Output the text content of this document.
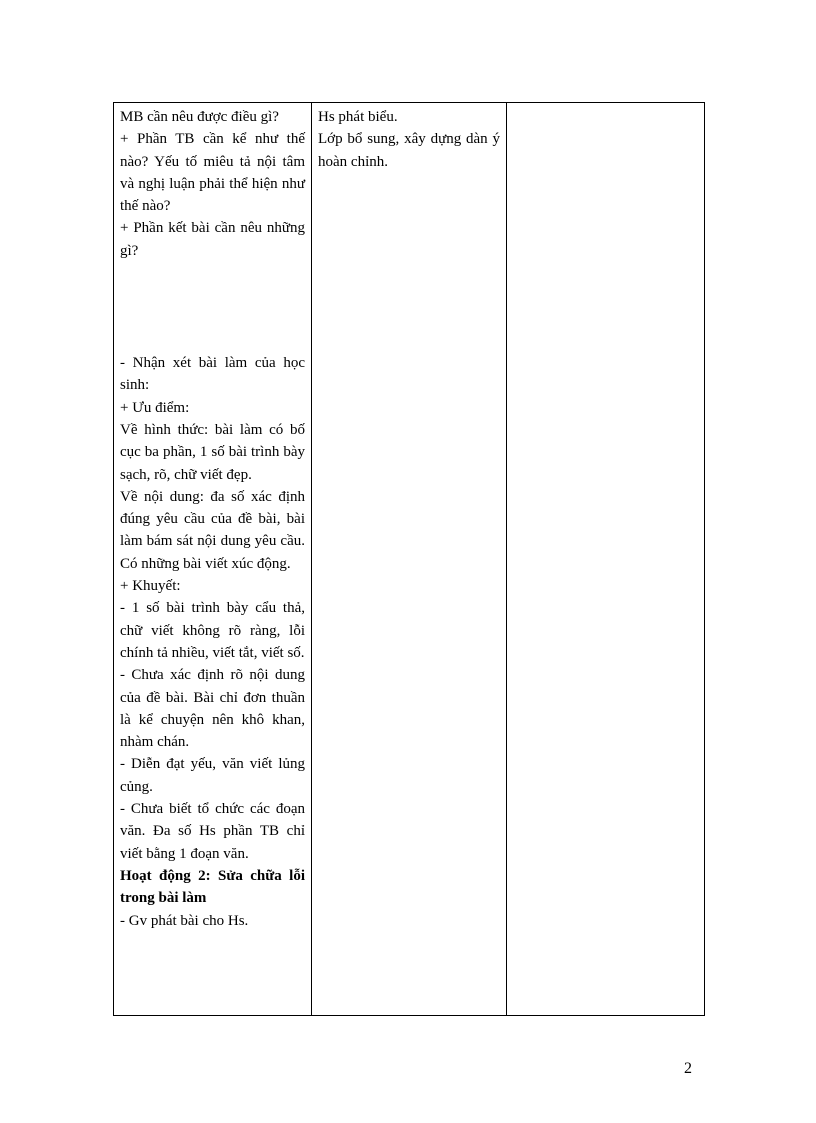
MB cần nêu được điều gì?
+ Phần TB cần kể như thế nào? Yếu tố miêu tả nội tâm và nghị luận phải thể hiện như thế nào?
+ Phần kết bài cần nêu những gì?
- Nhận xét bài làm của học sinh:
+ Ưu điểm:
Về hình thức: bài làm có bố cục ba phần, 1 số bài trình bày sạch, rõ, chữ viết đẹp.
Về nội dung: đa số xác định đúng yêu cầu của đề bài, bài làm bám sát nội dung yêu cầu. Có những bài viết xúc động.
+ Khuyết:
- 1 số bài trình bày cẩu thả, chữ viết không rõ ràng, lỗi chính tả nhiều, viết tắt, viết số.
- Chưa xác định rõ nội dung của đề bài. Bài chỉ đơn thuần là kể chuyện nên khô khan, nhàm chán.
- Diễn đạt yếu, văn viết lủng củng.
- Chưa biết tổ chức các đoạn văn. Đa số Hs phần TB chỉ viết bằng 1 đoạn văn.
Hoạt động 2: Sửa chữa lỗi trong bài làm
- Gv phát bài cho Hs.

Hs phát biểu.
Lớp bổ sung, xây dựng dàn ý hoàn chỉnh.

2
